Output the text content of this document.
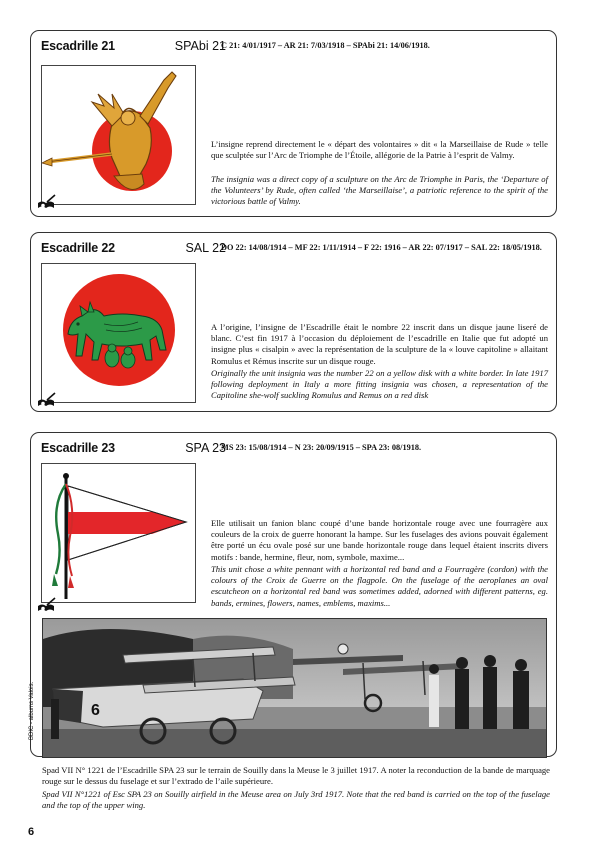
Escadrille 21	SPAbi 21
C 21: 4/01/1917 – AR 21: 7/03/1918 – SPAbi 21: 14/06/1918.

L’insigne reprend directement le « départ des volontaires » dit « la Marseillaise de Rude » telle que sculptée sur l’Arc de Triomphe de l’Étoile, allégorie de la Patrie à l’esprit de Valmy.

The insignia was a direct copy of a sculpture on the Arc de Triomphe in Paris, the ‘Departure of the Volunteers’ by Rude, often called ‘the Marseillaise’, a patriotic reference to the spirit of the victorious battle of Valmy.

Escadrille 22	SAL 22
DO 22: 14/08/1914 – MF 22: 1/11/1914 – F 22: 1916 – AR 22: 07/1917 – SAL 22: 18/05/1918.

A l’origine, l’insigne de l’Escadrille était le nombre 22 inscrit dans un disque jaune liseré de blanc. C’est fin 1917 à l’occasion du déploiement de l’escadrille en Italie que fut adopté un insigne plus « cisalpin » avec la représentation de la sculpture de la « louve capitoline » allaitant Romulus et Rémus inscrite sur un disque rouge.

Originally the unit insignia was the number 22 on a yellow disk with a white border. In late 1917 following deployment in Italy a more fitting insignia was chosen, a representation of the Capitoline she-wolf suckling Romulus and Remus on a red disk

Escadrille 23	SPA 23
MS 23: 15/08/1914 – N 23: 20/09/1915 – SPA 23: 08/1918.

Elle utilisait un fanion blanc coupé d’une bande horizontale rouge avec une fourragère aux couleurs de la croix de guerre honorant la hampe. Sur les fuselages des avions pouvait également être porté un écu ovale posé sur une bande horizontale rouge dans lequel étaient inscrits divers motifs : bande, hermine, fleur, nom, symbole, maxime...

This unit chose a white pennant with a horizontal red band and a Fourragère (cordon) with the colours of the Croix de Guerre on the flagpole. On the fuselage of the aeroplanes an oval escutcheon on a horizontal red band was sometimes added, adorned with different patterns, eg. bands, ermines, flowers, names, emblems, maxims...

6
BDIC - albums Valois.

Spad VII N° 1221 de l’Escadrille SPA 23 sur le terrain de Souilly dans la Meuse le 3 juillet 1917. A noter la reconduction de la bande de marquage rouge sur le dessus du fuselage et sur l’extrado de l’aile supérieure.

Spad VII N°1221 of Esc SPA 23 on Souilly airfield in the Meuse area on July 3rd 1917. Note that the red band is carried on the top of the fuselage and the top of the upper wing.

6
